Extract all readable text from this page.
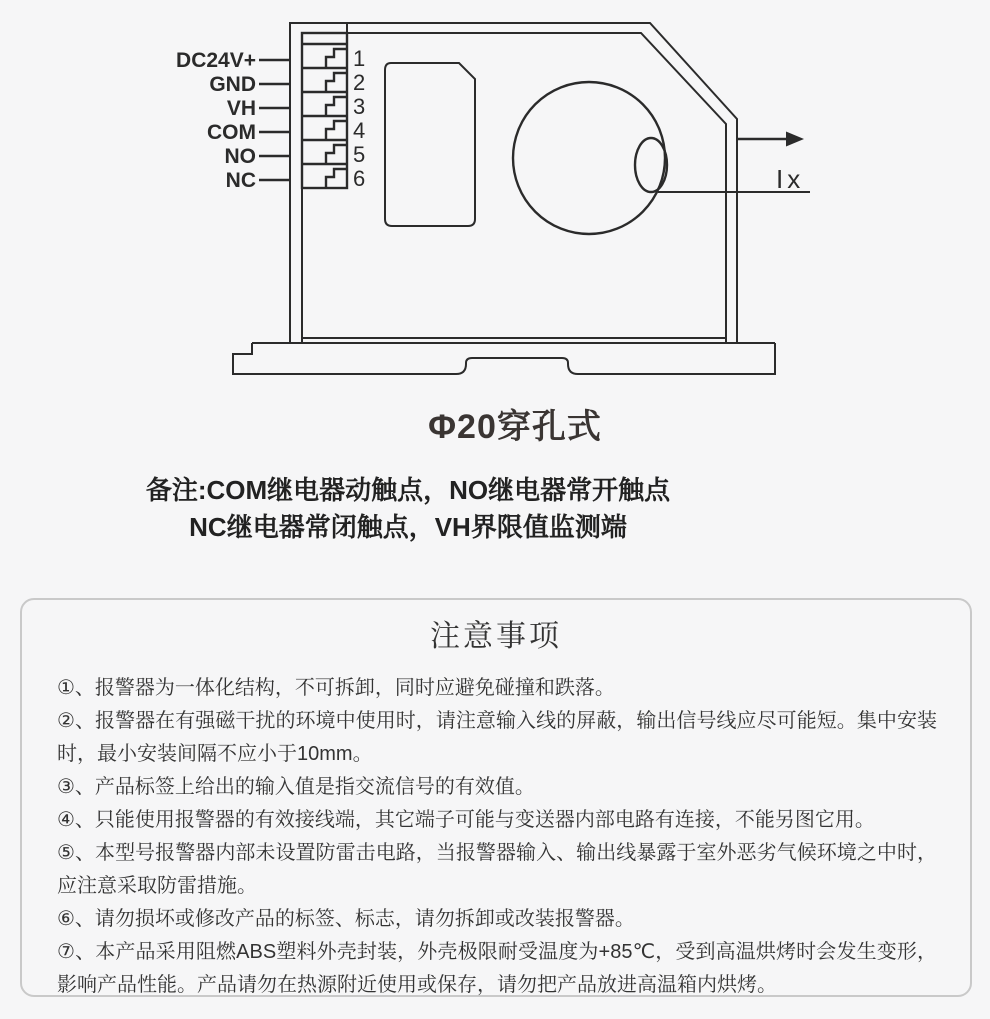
DC24V+
GND
VH
COM
NO
NC
1
2
3
4
5
6	Ix
Φ20穿孔式
备注:COM继电器动触点，NO继电器常开触点
NC继电器常闭触点，VH界限值监测端
注意事项

①、报警器为一体化结构，不可拆卸，同时应避免碰撞和跌落。

②、报警器在有强磁干扰的环境中使用时，请注意输入线的屏蔽，输出信号线应尽可能短。集中安装时，最小安装间隔不应小于10mm。

③、产品标签上给出的输入值是指交流信号的有效值。

④、只能使用报警器的有效接线端，其它端子可能与变送器内部电路有连接，不能另图它用。

⑤、本型号报警器内部未设置防雷击电路，当报警器输入、输出线暴露于室外恶劣气候环境之中时，应注意采取防雷措施。

⑥、请勿损坏或修改产品的标签、标志，请勿拆卸或改装报警器。

⑦、本产品采用阻燃ABS塑料外壳封装，外壳极限耐受温度为+85℃，受到高温烘烤时会发生变形，影响产品性能。产品请勿在热源附近使用或保存，请勿把产品放进高温箱内烘烤。
